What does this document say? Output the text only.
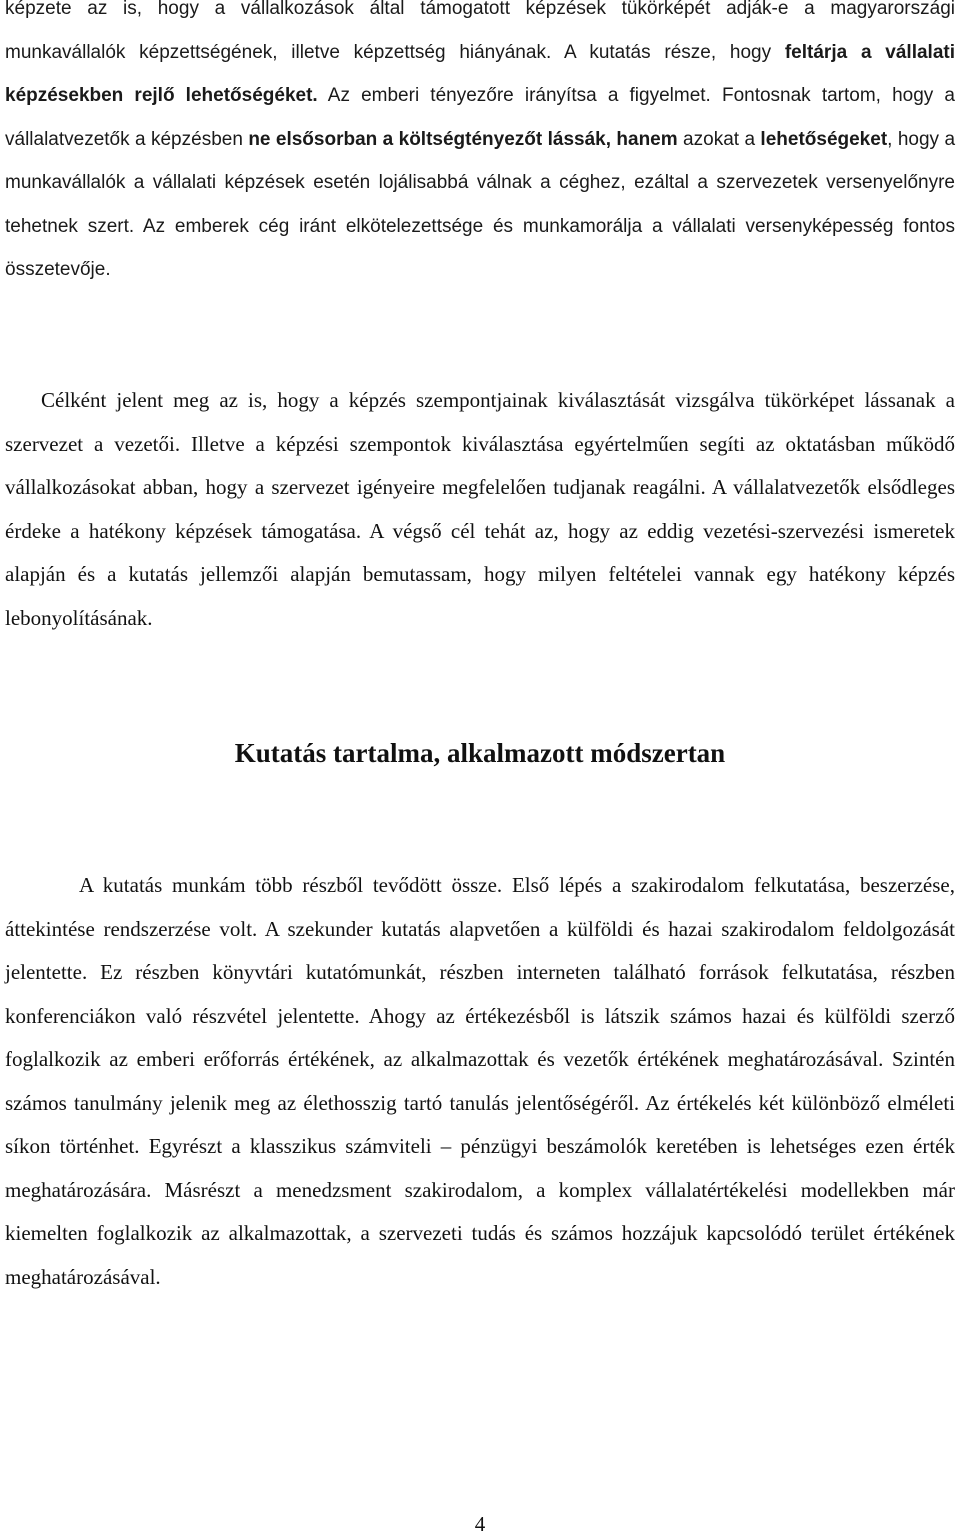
képzete az is, hogy a vállalkozások által támogatott képzések tükörképét adják-e a magyarországi munkavállalók képzettségének, illetve képzettség hiányának. A kutatás része, hogy feltárja a vállalati képzésekben rejlő lehetőségéket. Az emberi tényezőre irányítsa a figyelmet. Fontosnak tartom, hogy a vállalatvezetők a képzésben ne elsősorban a költségtényezőt lássák, hanem azokat a lehetőségeket, hogy a munkavállalók a vállalati képzések esetén lojálisabbá válnak a céghez, ezáltal a szervezetek versenyelőnyre tehetnek szert. Az emberek cég iránt elkötelezettsége és munkamorálja a vállalati versenyképesség fontos összetevője.

Célként jelent meg az is, hogy a képzés szempontjainak kiválasztását vizsgálva tükörképet lássanak a szervezet a vezetői. Illetve a képzési szempontok kiválasztása egyértelműen segíti az oktatásban működő vállalkozásokat abban, hogy a szervezet igényeire megfelelően tudjanak reagálni. A vállalatvezetők elsődleges érdeke a hatékony képzések támogatása. A végső cél tehát az, hogy az eddig vezetési-szervezési ismeretek alapján és a kutatás jellemzői alapján bemutassam, hogy milyen feltételei vannak egy hatékony képzés lebonyolításának.

Kutatás tartalma, alkalmazott módszertan

A kutatás munkám több részből tevődött össze. Első lépés a szakirodalom felkutatása, beszerzése, áttekintése rendszerzése volt. A szekunder kutatás alapvetően a külföldi és hazai szakirodalom feldolgozását jelentette. Ez részben könyvtári kutatómunkát, részben interneten található források felkutatása, részben konferenciákon való részvétel jelentette. Ahogy az értékezésből is látszik számos hazai és külföldi szerző foglalkozik az emberi erőforrás értékének, az alkalmazottak és vezetők értékének meghatározásával. Szintén számos tanulmány jelenik meg az élethosszig tartó tanulás jelentőségéről. Az értékelés két különböző elméleti síkon történhet. Egyrészt a klasszikus számviteli – pénzügyi beszámolók keretében is lehetséges ezen érték meghatározására. Másrészt a menedzsment szakirodalom, a komplex vállalatértékelési modellekben már kiemelten foglalkozik az alkalmazottak, a szervezeti tudás és számos hozzájuk kapcsolódó terület értékének meghatározásával.

4
